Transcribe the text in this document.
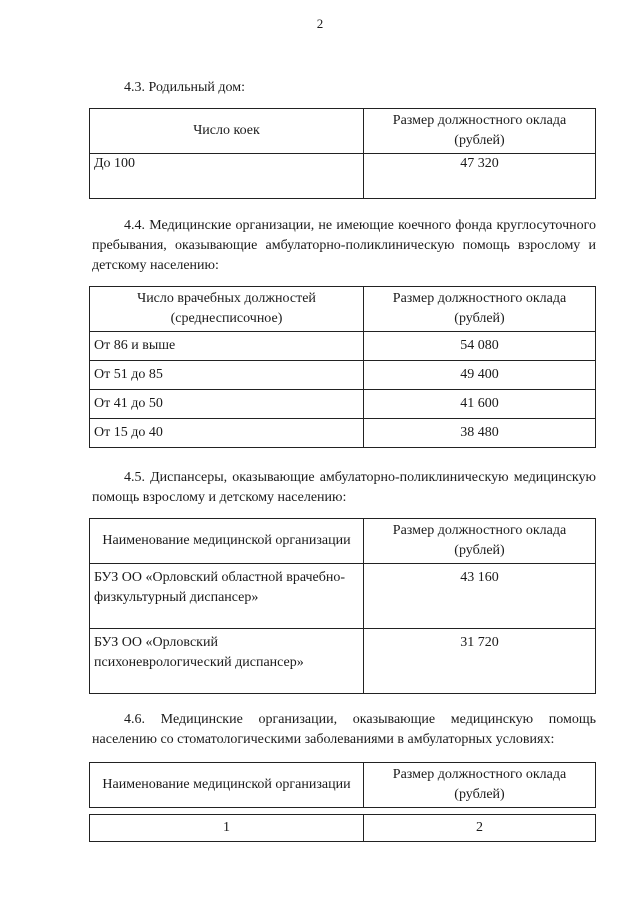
2
4.3. Родильный дом:
Число коек	Размер должностного оклада (рублей)
До 100	47 320
4.4. Медицинские организации, не имеющие коечного фонда круглосуточного пребывания, оказывающие амбулаторно-поликлиническую помощь взрослому и детскому населению:
Число врачебных должностей (среднесписочное)	Размер должностного оклада (рублей)
От 86 и выше	54 080
От 51 до 85	49 400
От 41 до 50	41 600
От 15 до 40	38 480
4.5. Диспансеры, оказывающие амбулаторно-поликлиническую медицинскую помощь взрослому и детскому населению:
Наименование медицинской организации	Размер должностного оклада (рублей)
БУЗ ОО «Орловский областной врачебно-физкультурный диспансер»	43 160
БУЗ ОО «Орловский психоневрологический диспансер»	31 720
4.6. Медицинские организации, оказывающие медицинскую помощь населению со стоматологическими заболеваниями в амбулаторных условиях:
Наименование медицинской организации	Размер должностного оклада (рублей)

1	2
